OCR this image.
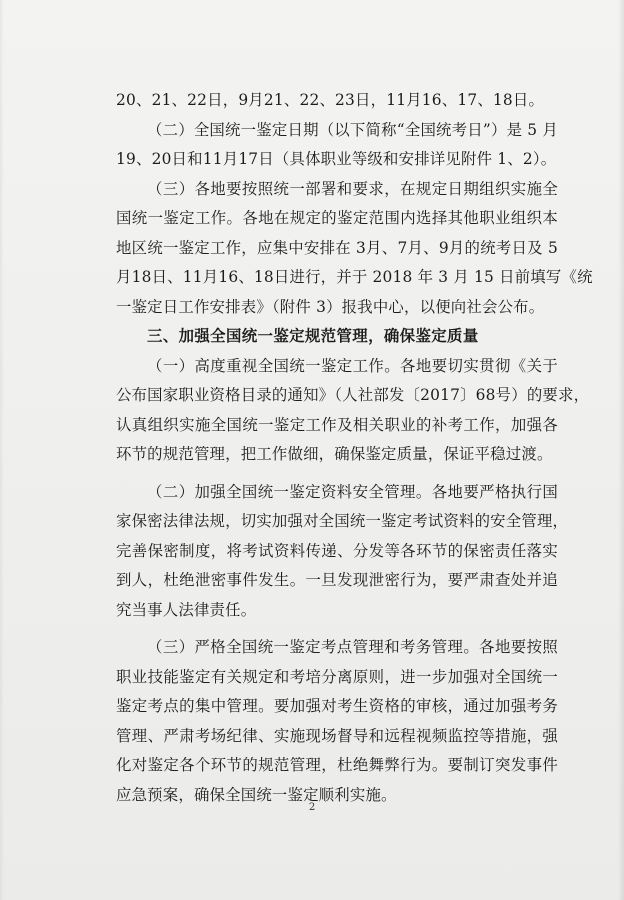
20、21、22日，9月21、22、23日，11月16、17、18日。

（二）全国统一鉴定日期（以下简称“全国统考日”）是 5 月

19、20日和11月17日（具体职业等级和安排详见附件 1、2）。

（三）各地要按照统一部署和要求，在规定日期组织实施全

国统一鉴定工作。各地在规定的鉴定范围内选择其他职业组织本

地区统一鉴定工作，应集中安排在 3月、7月、9月的统考日及 5

月18日、11月16、18日进行，并于 2018 年 3 月 15 日前填写《统

一鉴定日工作安排表》（附件 3）报我中心，以便向社会公布。

三、加强全国统一鉴定规范管理，确保鉴定质量

（一）高度重视全国统一鉴定工作。各地要切实贯彻《关于

公布国家职业资格目录的通知》（人社部发〔2017〕68号）的要求，

认真组织实施全国统一鉴定工作及相关职业的补考工作，加强各

环节的规范管理，把工作做细，确保鉴定质量，保证平稳过渡。

（二）加强全国统一鉴定资料安全管理。各地要严格执行国

家保密法律法规，切实加强对全国统一鉴定考试资料的安全管理，

完善保密制度，将考试资料传递、分发等各环节的保密责任落实

到人，杜绝泄密事件发生。一旦发现泄密行为，要严肃查处并追

究当事人法律责任。

（三）严格全国统一鉴定考点管理和考务管理。各地要按照

职业技能鉴定有关规定和考培分离原则，进一步加强对全国统一

鉴定考点的集中管理。要加强对考生资格的审核，通过加强考务

管理、严肃考场纪律、实施现场督导和远程视频监控等措施，强

化对鉴定各个环节的规范管理，杜绝舞弊行为。要制订突发事件

应急预案，确保全国统一鉴定顺利实施。

2
